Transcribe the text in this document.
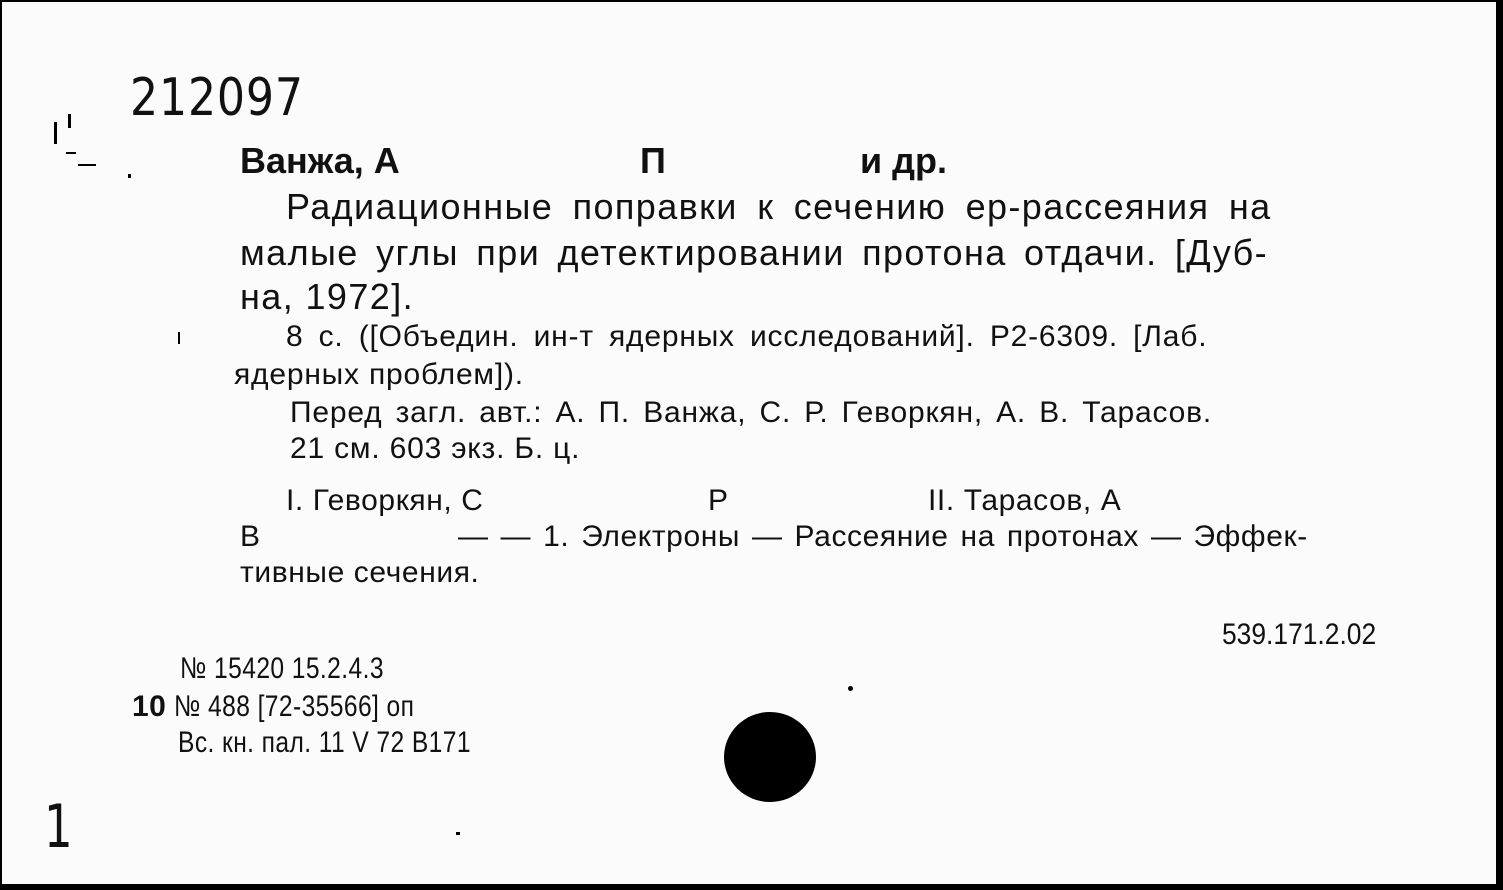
212097
Ванжа, А	П	и др.
Радиационные поправки к сечению ер-рассеяния на
малые углы при детектировании протона отдачи. [Дуб-
на, 1972].
8 с. ([Объедин. ин-т ядерных исследований]. Р2-6309. [Лаб.
ядерных проблем]).
Перед загл. авт.: А. П. Ванжа, С. Р. Геворкян, А. В. Тарасов.
21 см. 603 экз. Б. ц.
I. Геворкян, С	Р	II. Тарасов, А
В	— — 1. Электроны — Рассеяние на протонах — Эффек-
тивные сечения.
539.171.2.02
№ 15420 15.2.4.3
10 № 488 [72-35566] оп
Вс. кн. пал. 11 V 72 В171
1
